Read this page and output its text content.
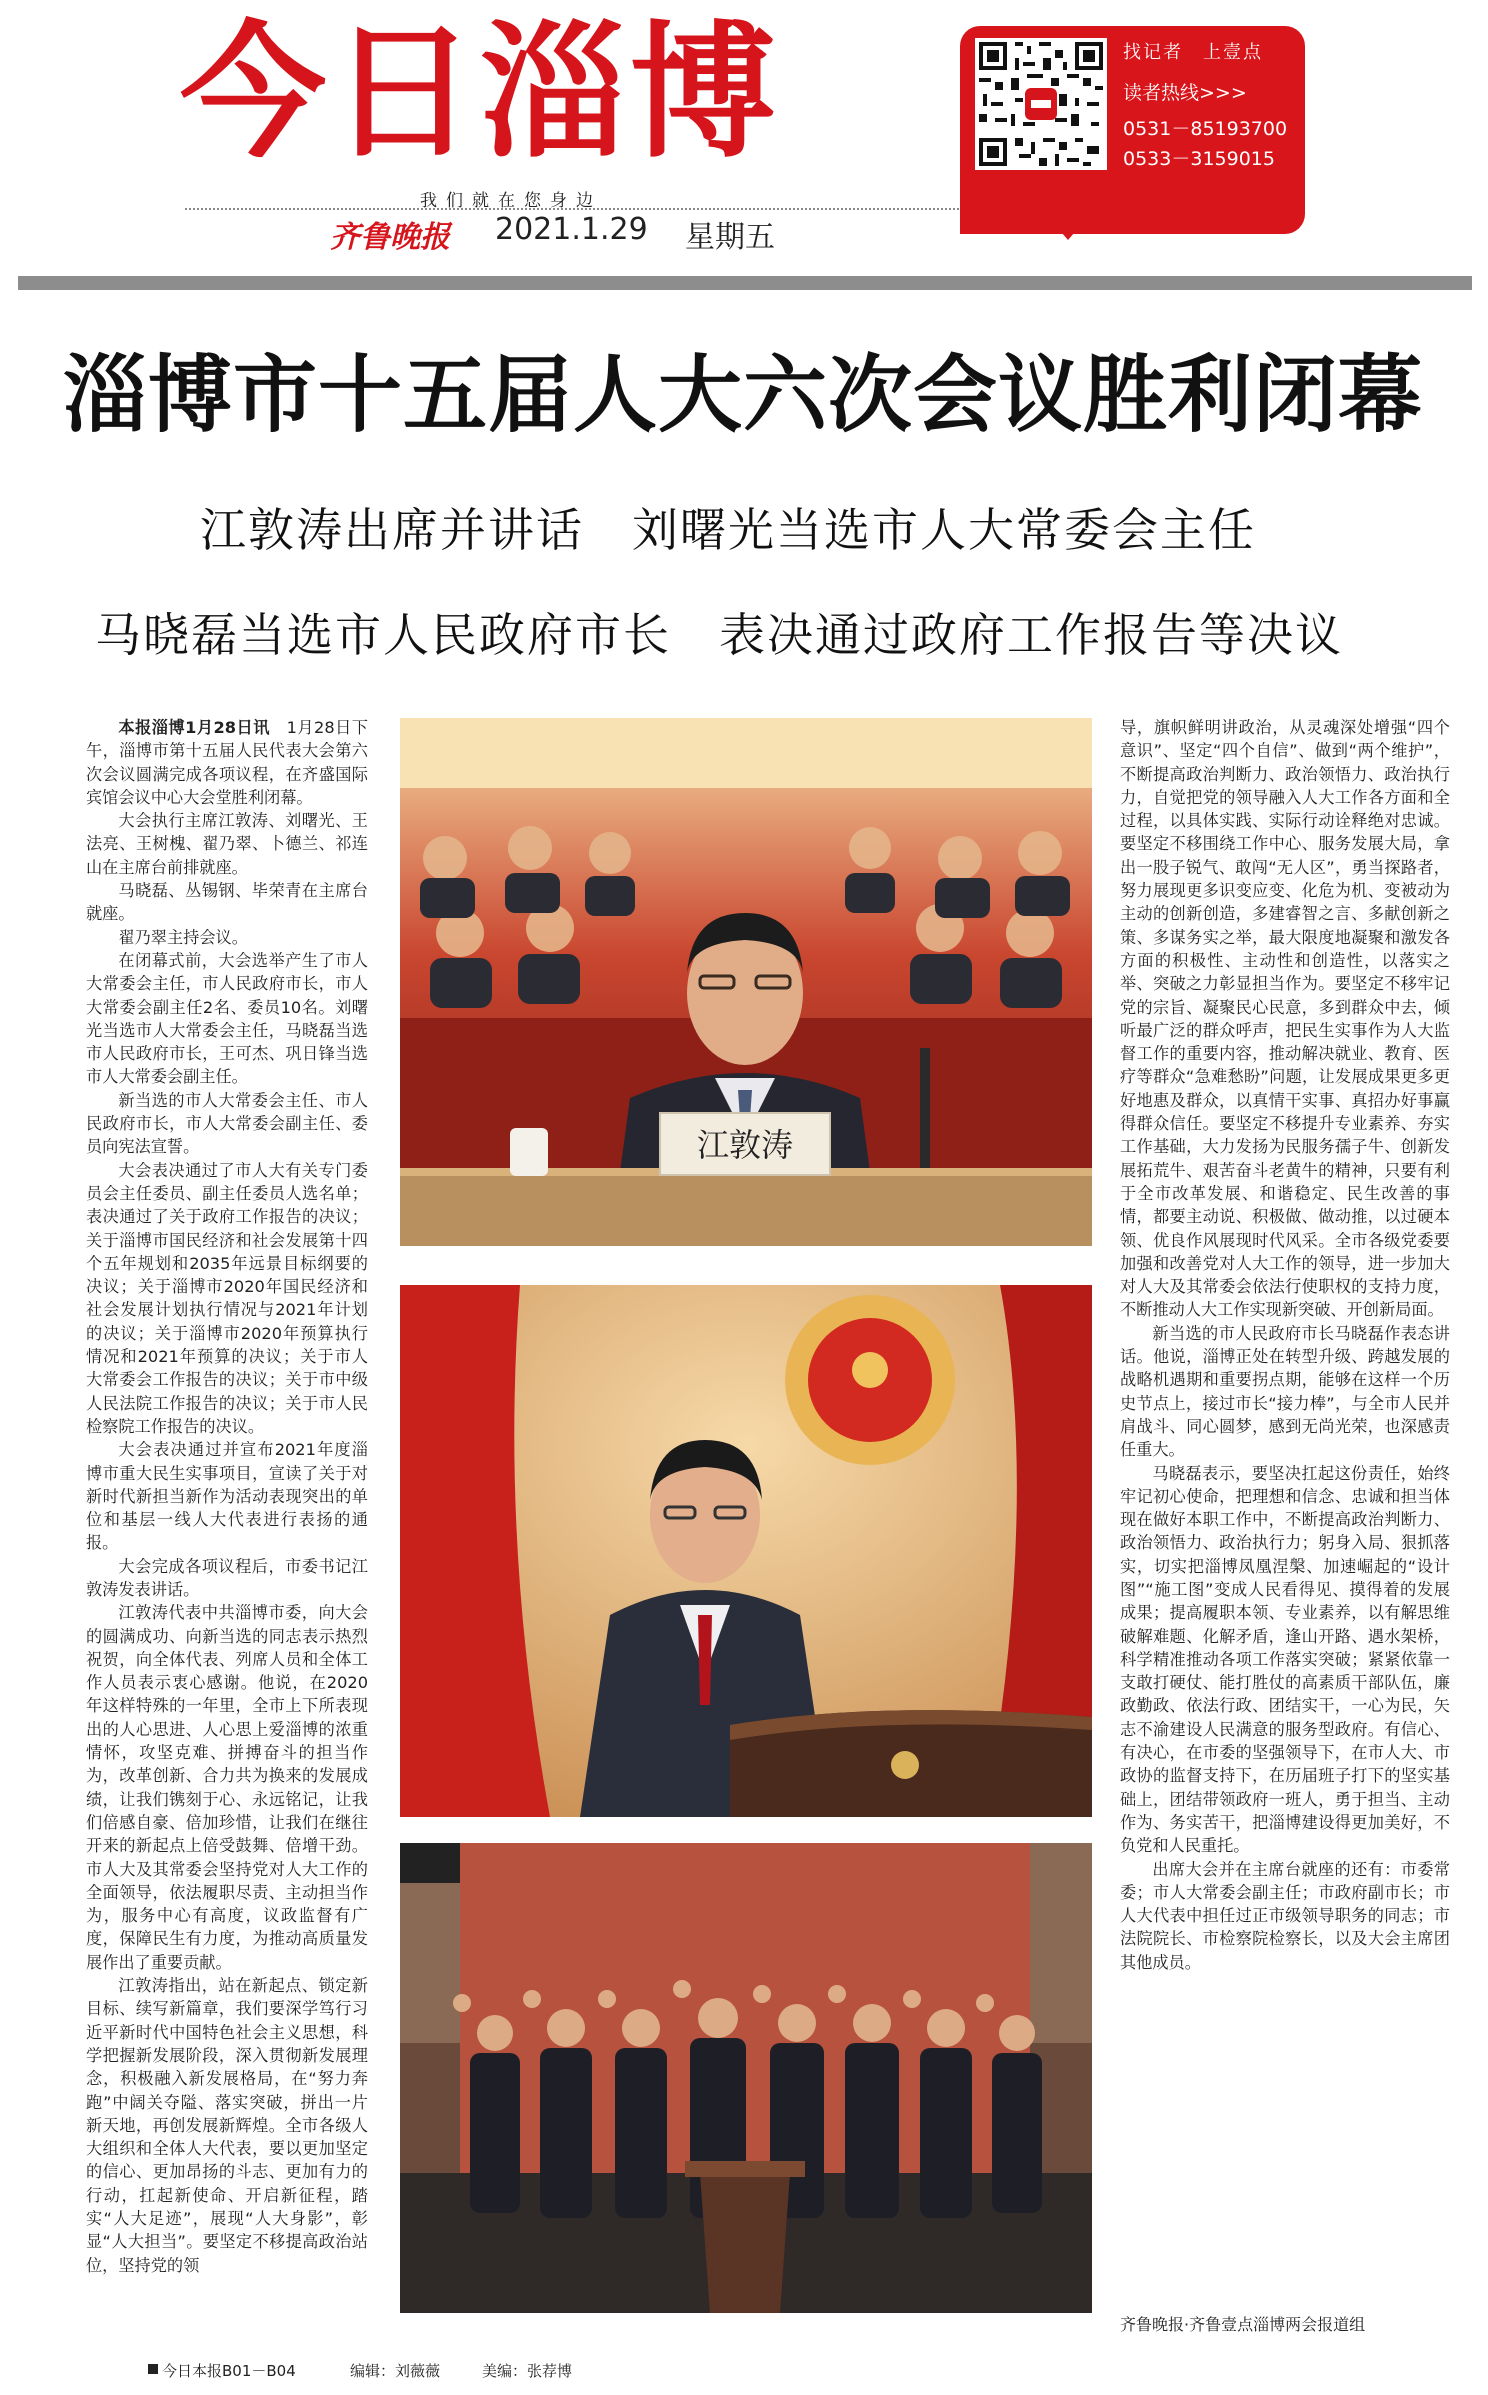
今日淄博
我们就在您身边
齐鲁晚报 2021.1.29 星期五
找记者　上壹点
读者热线>>>
0531－85193700
0533－3159015
淄博市十五届人大六次会议胜利闭幕
江敦涛出席并讲话　刘曙光当选市人大常委会主任
马晓磊当选市人民政府市长　表决通过政府工作报告等决议

本报淄博1月28日讯　1月28日下午，淄博市第十五届人民代表大会第六次会议圆满完成各项议程，在齐盛国际宾馆会议中心大会堂胜利闭幕。

大会执行主席江敦涛、刘曙光、王法亮、王树槐、翟乃翠、卜德兰、祁连山在主席台前排就座。

马晓磊、丛锡钢、毕荣青在主席台就座。

翟乃翠主持会议。

在闭幕式前，大会选举产生了市人大常委会主任，市人民政府市长，市人大常委会副主任2名、委员10名。刘曙光当选市人大常委会主任，马晓磊当选市人民政府市长，王可杰、巩日锋当选市人大常委会副主任。

新当选的市人大常委会主任、市人民政府市长，市人大常委会副主任、委员向宪法宣誓。

大会表决通过了市人大有关专门委员会主任委员、副主任委员人选名单；表决通过了关于政府工作报告的决议；关于淄博市国民经济和社会发展第十四个五年规划和2035年远景目标纲要的决议；关于淄博市2020年国民经济和社会发展计划执行情况与2021年计划的决议；关于淄博市2020年预算执行情况和2021年预算的决议；关于市人大常委会工作报告的决议；关于市中级人民法院工作报告的决议；关于市人民检察院工作报告的决议。

大会表决通过并宣布2021年度淄博市重大民生实事项目，宣读了关于对新时代新担当新作为活动表现突出的单位和基层一线人大代表进行表扬的通报。

大会完成各项议程后，市委书记江敦涛发表讲话。

江敦涛代表中共淄博市委，向大会的圆满成功、向新当选的同志表示热烈祝贺，向全体代表、列席人员和全体工作人员表示衷心感谢。他说，在2020年这样特殊的一年里，全市上下所表现出的人心思进、人心思上爱淄博的浓重情怀，攻坚克难、拼搏奋斗的担当作为，改革创新、合力共为换来的发展成绩，让我们镌刻于心、永远铭记，让我们倍感自豪、倍加珍惜，让我们在继往开来的新起点上倍受鼓舞、倍增干劲。市人大及其常委会坚持党对人大工作的全面领导，依法履职尽责、主动担当作为，服务中心有高度，议政监督有广度，保障民生有力度，为推动高质量发展作出了重要贡献。

江敦涛指出，站在新起点、锁定新目标、续写新篇章，我们要深学笃行习近平新时代中国特色社会主义思想，科学把握新发展阶段，深入贯彻新发展理念，积极融入新发展格局，在“努力奔跑”中阔关夺隘、落实突破，拼出一片新天地，再创发展新辉煌。全市各级人大组织和全体人大代表，要以更加坚定的信心、更加昂扬的斗志、更加有力的行动，扛起新使命、开启新征程，踏实“人大足迹”，展现“人大身影”，彰显“人大担当”。要坚定不移提高政治站位，坚持党的领

江敦涛

导，旗帜鲜明讲政治，从灵魂深处增强“四个意识”、坚定“四个自信”、做到“两个维护”，不断提高政治判断力、政治领悟力、政治执行力，自觉把党的领导融入人大工作各方面和全过程，以具体实践、实际行动诠释绝对忠诚。要坚定不移围绕工作中心、服务发展大局，拿出一股子锐气、敢闯“无人区”，勇当探路者，努力展现更多识变应变、化危为机、变被动为主动的创新创造，多建睿智之言、多献创新之策、多谋务实之举，最大限度地凝聚和激发各方面的积极性、主动性和创造性，以落实之举、突破之力彰显担当作为。要坚定不移牢记党的宗旨、凝聚民心民意，多到群众中去，倾听最广泛的群众呼声，把民生实事作为人大监督工作的重要内容，推动解决就业、教育、医疗等群众“急难愁盼”问题，让发展成果更多更好地惠及群众，以真情干实事、真招办好事赢得群众信任。要坚定不移提升专业素养、夯实工作基础，大力发扬为民服务孺子牛、创新发展拓荒牛、艰苦奋斗老黄牛的精神，只要有利于全市改革发展、和谐稳定、民生改善的事情，都要主动说、积极做、做动推，以过硬本领、优良作风展现时代风采。全市各级党委要加强和改善党对人大工作的领导，进一步加大对人大及其常委会依法行使职权的支持力度，不断推动人大工作实现新突破、开创新局面。

新当选的市人民政府市长马晓磊作表态讲话。他说，淄博正处在转型升级、跨越发展的战略机遇期和重要拐点期，能够在这样一个历史节点上，接过市长“接力棒”，与全市人民并肩战斗、同心圆梦，感到无尚光荣，也深感责任重大。

马晓磊表示，要坚决扛起这份责任，始终牢记初心使命，把理想和信念、忠诚和担当体现在做好本职工作中，不断提高政治判断力、政治领悟力、政治执行力；躬身入局、狠抓落实，切实把淄博凤凰涅槃、加速崛起的“设计图”“施工图”变成人民看得见、摸得着的发展成果；提高履职本领、专业素养，以有解思维破解难题、化解矛盾，逢山开路、遇水架桥，科学精准推动各项工作落实突破；紧紧依靠一支敢打硬仗、能打胜仗的高素质干部队伍，廉政勤政、依法行政、团结实干，一心为民，矢志不渝建设人民满意的服务型政府。有信心、有决心，在市委的坚强领导下，在市人大、市政协的监督支持下，在历届班子打下的坚实基础上，团结带领政府一班人，勇于担当、主动作为、务实苦干，把淄博建设得更加美好，不负党和人民重托。

出席大会并在主席台就座的还有：市委常委；市人大常委会副主任；市政府副市长；市人大代表中担任过正市级领导职务的同志；市法院院长、市检察院检察长，以及大会主席团其他成员。

齐鲁晚报·齐鲁壹点淄博两会报道组
今日本报B01－B04	编辑：刘薇薇	美编：张荐博
